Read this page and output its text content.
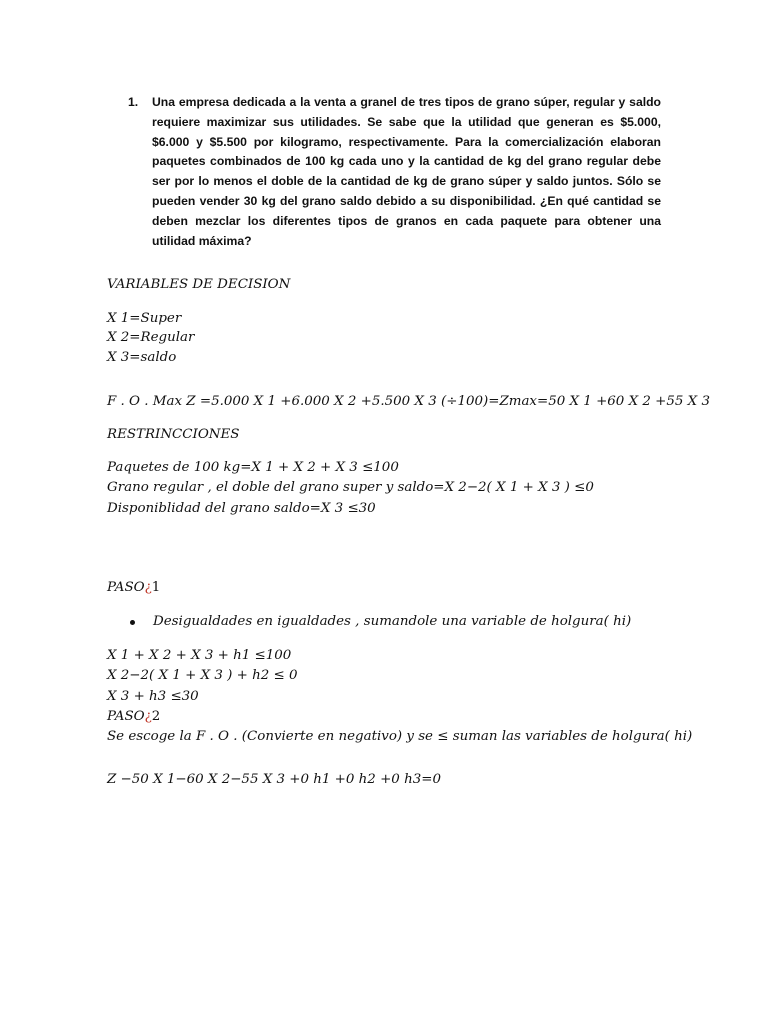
1. Una empresa dedicada a la venta a granel de tres tipos de grano súper, regular y saldo requiere maximizar sus utilidades. Se sabe que la utilidad que generan es $5.000, $6.000 y $5.500 por kilogramo, respectivamente. Para la comercialización elaboran paquetes combinados de 100 kg cada uno y la cantidad de kg del grano regular debe ser por lo menos el doble de la cantidad de kg de grano súper y saldo juntos. Sólo se pueden vender 30 kg del grano saldo debido a su disponibilidad. ¿En qué cantidad se deben mezclar los diferentes tipos de granos en cada paquete para obtener una utilidad máxima?
VARIABLES DE DECISION
X 1=Super
X 2=Regular
X 3=saldo
F . O . Max Z =5.000 X 1 +6.000 X 2 +5.500 X 3 (÷100)=Zmax=50 X 1 +60 X 2 +55 X 3
RESTRINCCIONES
Paquetes de 100 kg=X 1 + X 2 + X 3 ≤100
Grano regular , el doble del grano super y saldo=X 2−2( X 1 + X 3 ) ≤0
Disponiblidad del grano saldo=X 3 ≤30
PASO¿1
Desigualdades en igualdades , sumandole una variable de holgura( hi)
X 1 + X 2 + X 3 + h1 ≤100
X 2−2( X 1 + X 3 ) + h2 ≤ 0
X 3 + h3 ≤30
PASO¿2
Se escoge la F . O . (Convierte en negativo) y se ≤ suman las variables de holgura( hi)
Z −50 X 1−60 X 2−55 X 3 +0 h1 +0 h2 +0 h3=0
